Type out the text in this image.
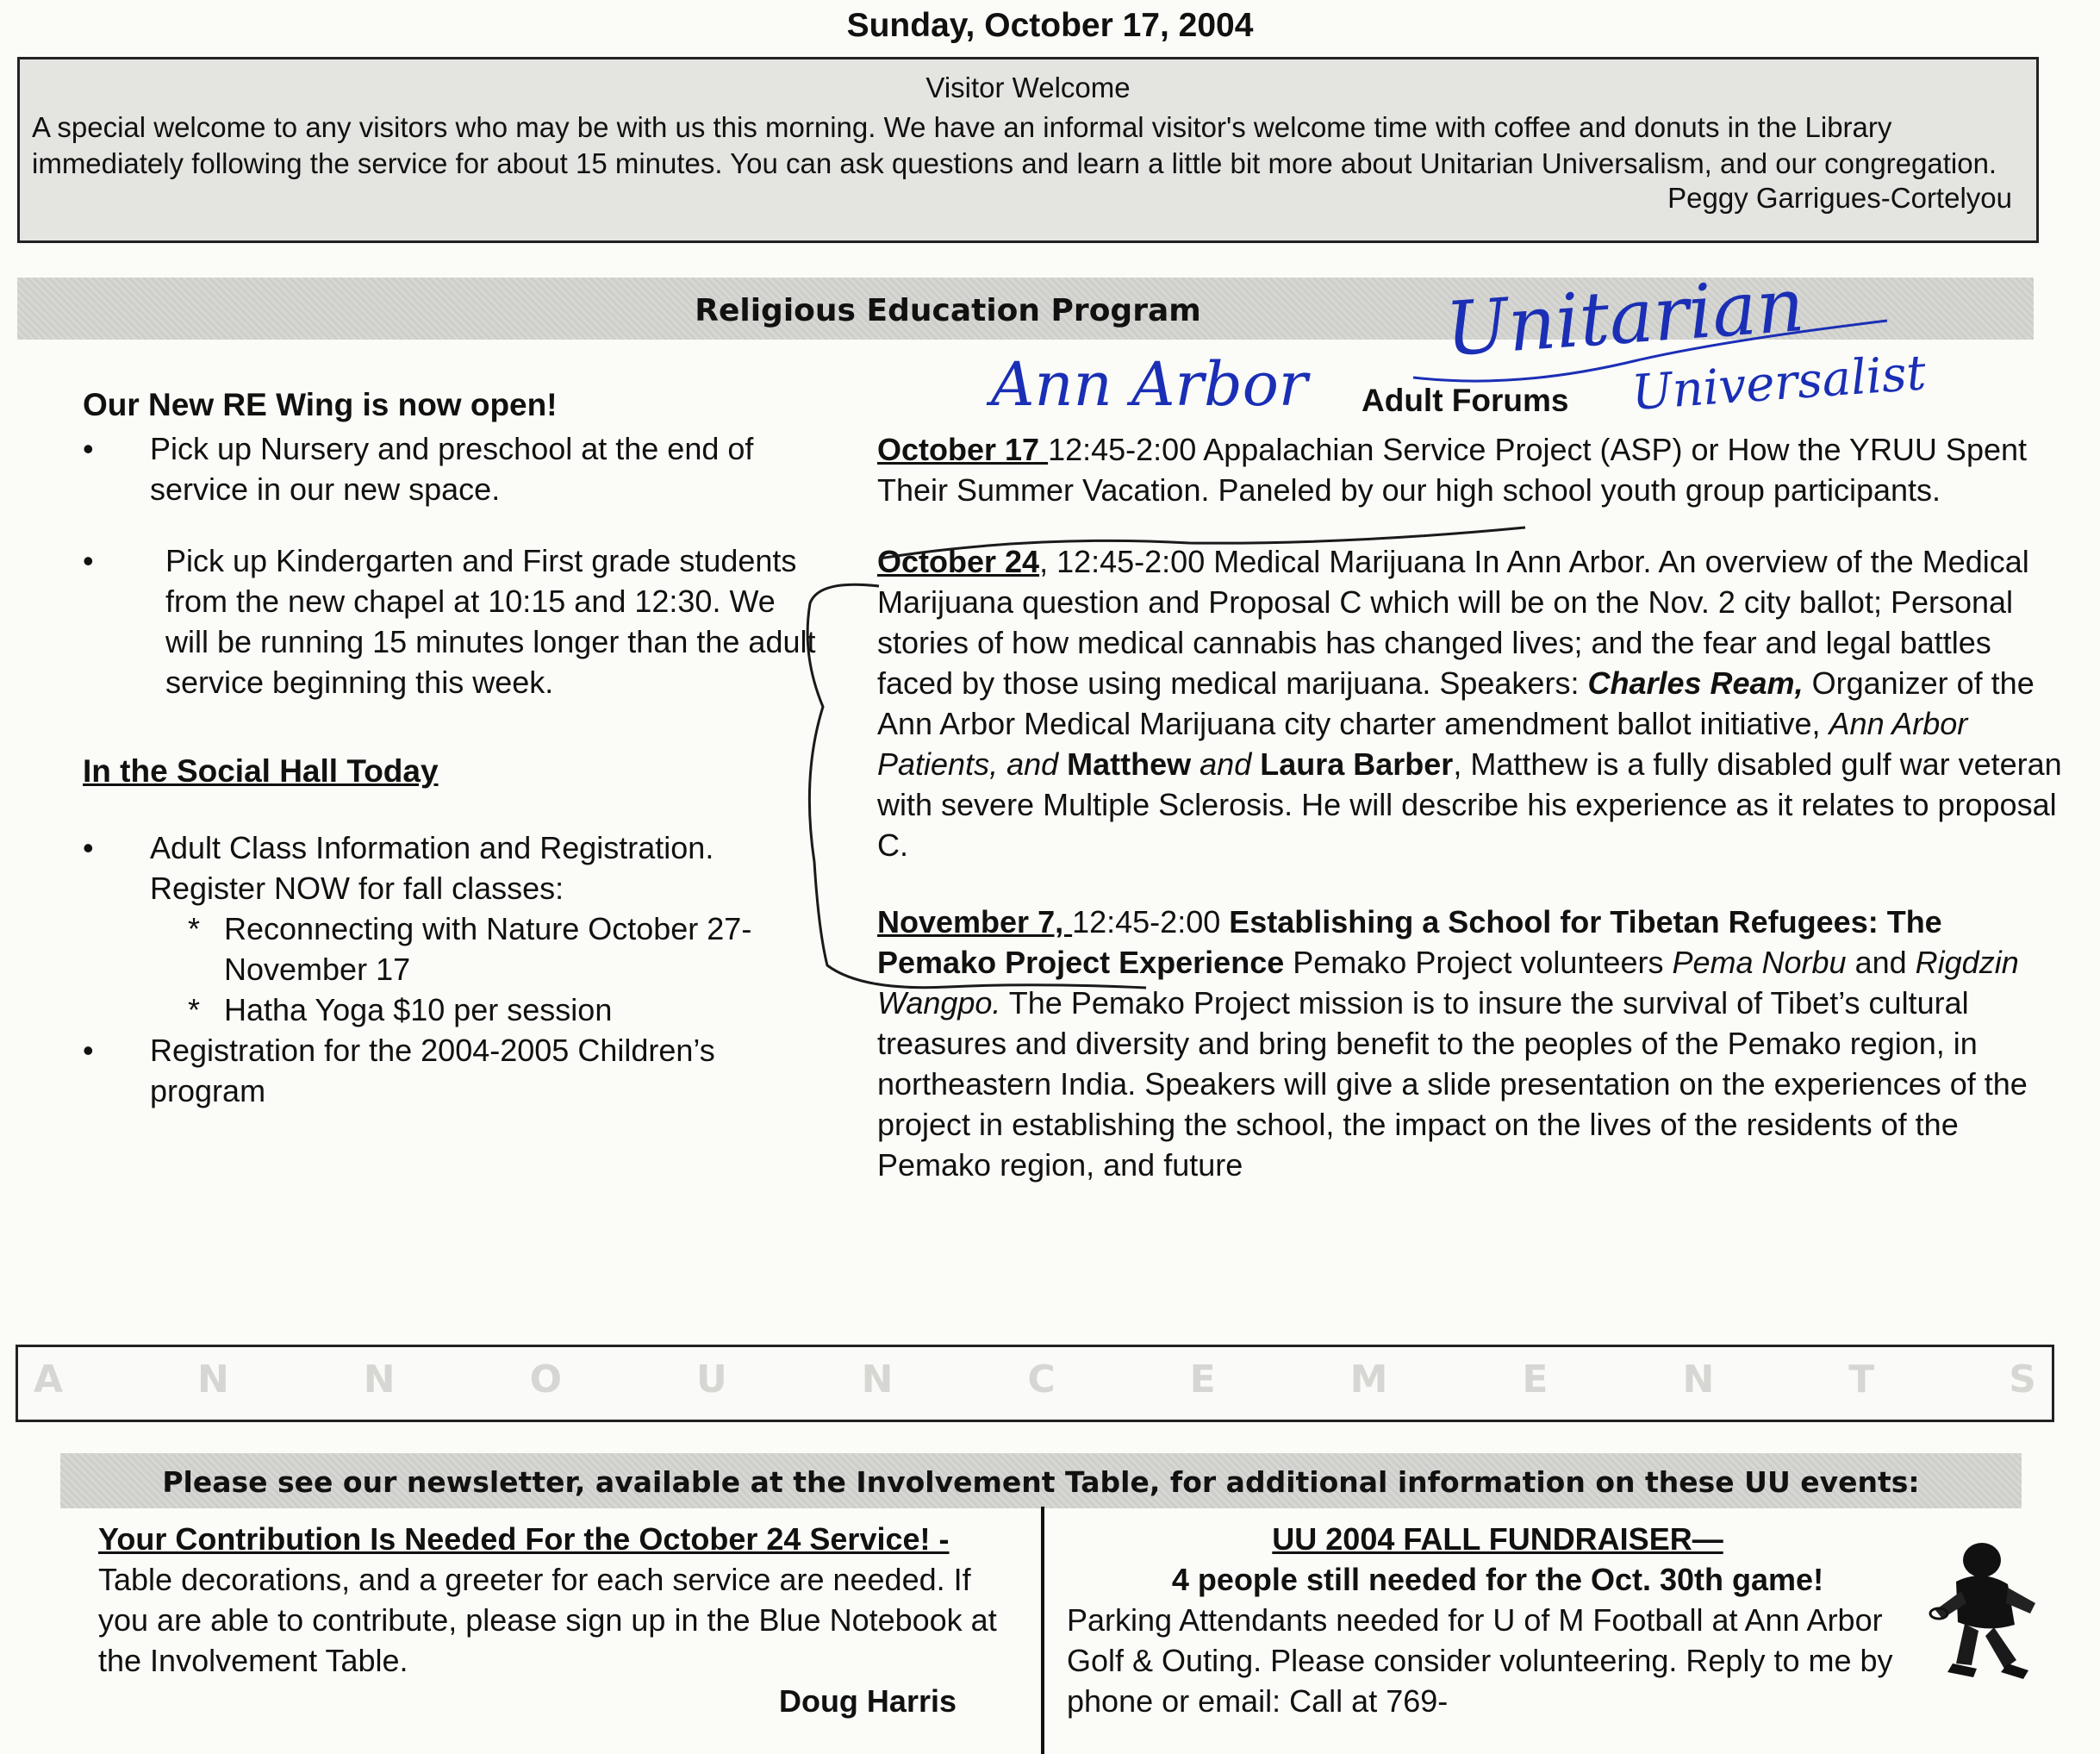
Sunday, October 17, 2004
Visitor Welcome
A special welcome to any visitors who may be with us this morning. We have an informal visitor's welcome time with coffee and donuts in the Library immediately following the service for about 15 minutes. You can ask questions and learn a little bit more about Unitarian Universalism, and our congregation.
Peggy Garrigues-Cortelyou
Religious Education Program
Our New RE Wing is now open!
• Pick up Nursery and preschool at the end of service in our new space.
• Pick up Kindergarten and First grade students from the new chapel at 10:15 and 12:30. We will be running 15 minutes longer than the adult service beginning this week.
In the Social Hall Today
• Adult Class Information and Registration. Register NOW for fall classes:
* Reconnecting with Nature October 27- November 17
* Hatha Yoga $10 per session
• Registration for the 2004-2005 Children’s program
Adult Forums

October 17 12:45-2:00 Appalachian Service Project (ASP) or How the YRUU Spent Their Summer Vacation. Paneled by our high school youth group participants.

October 24, 12:45-2:00 Medical Marijuana In Ann Arbor. An overview of the Medical Marijuana question and Proposal C which will be on the Nov. 2 city ballot; Personal stories of how medical cannabis has changed lives; and the fear and legal battles faced by those using medical marijuana. Speakers: Charles Ream, Organizer of the Ann Arbor Medical Marijuana city charter amendment ballot initiative, Ann Arbor Patients, and Matthew and Laura Barber, Matthew is a fully disabled gulf war veteran with severe Multiple Sclerosis. He will describe his experience as it relates to proposal C.

November 7, 12:45-2:00 Establishing a School for Tibetan Refugees: The Pemako Project Experience Pemako Project volunteers Pema Norbu and Rigdzin Wangpo. The Pemako Project mission is to insure the survival of Tibet’s cultural treasures and diversity and bring benefit to the peoples of the Pemako region, in northeastern India. Speakers will give a slide presentation on the experiences of the project in establishing the school, the impact on the lives of the residents of the Pemako region, and future

A	N	N	O	U	N	C	E	M	E	N	T	S
Please see our newsletter, available at the Involvement Table, for additional information on these UU events:
Your Contribution Is Needed For the October 24 Service! - Table decorations, and a greeter for each service are needed. If you are able to contribute, please sign up in the Blue Notebook at the Involvement Table.
Doug Harris
UU 2004 FALL FUNDRAISER—
4 people still needed for the Oct. 30th game!
Parking Attendants needed for U of M Football at Ann Arbor Golf & Outing. Please consider volunteering. Reply to me by phone or email: Call at 769-
Unitarian
Ann Arbor	Universalist
